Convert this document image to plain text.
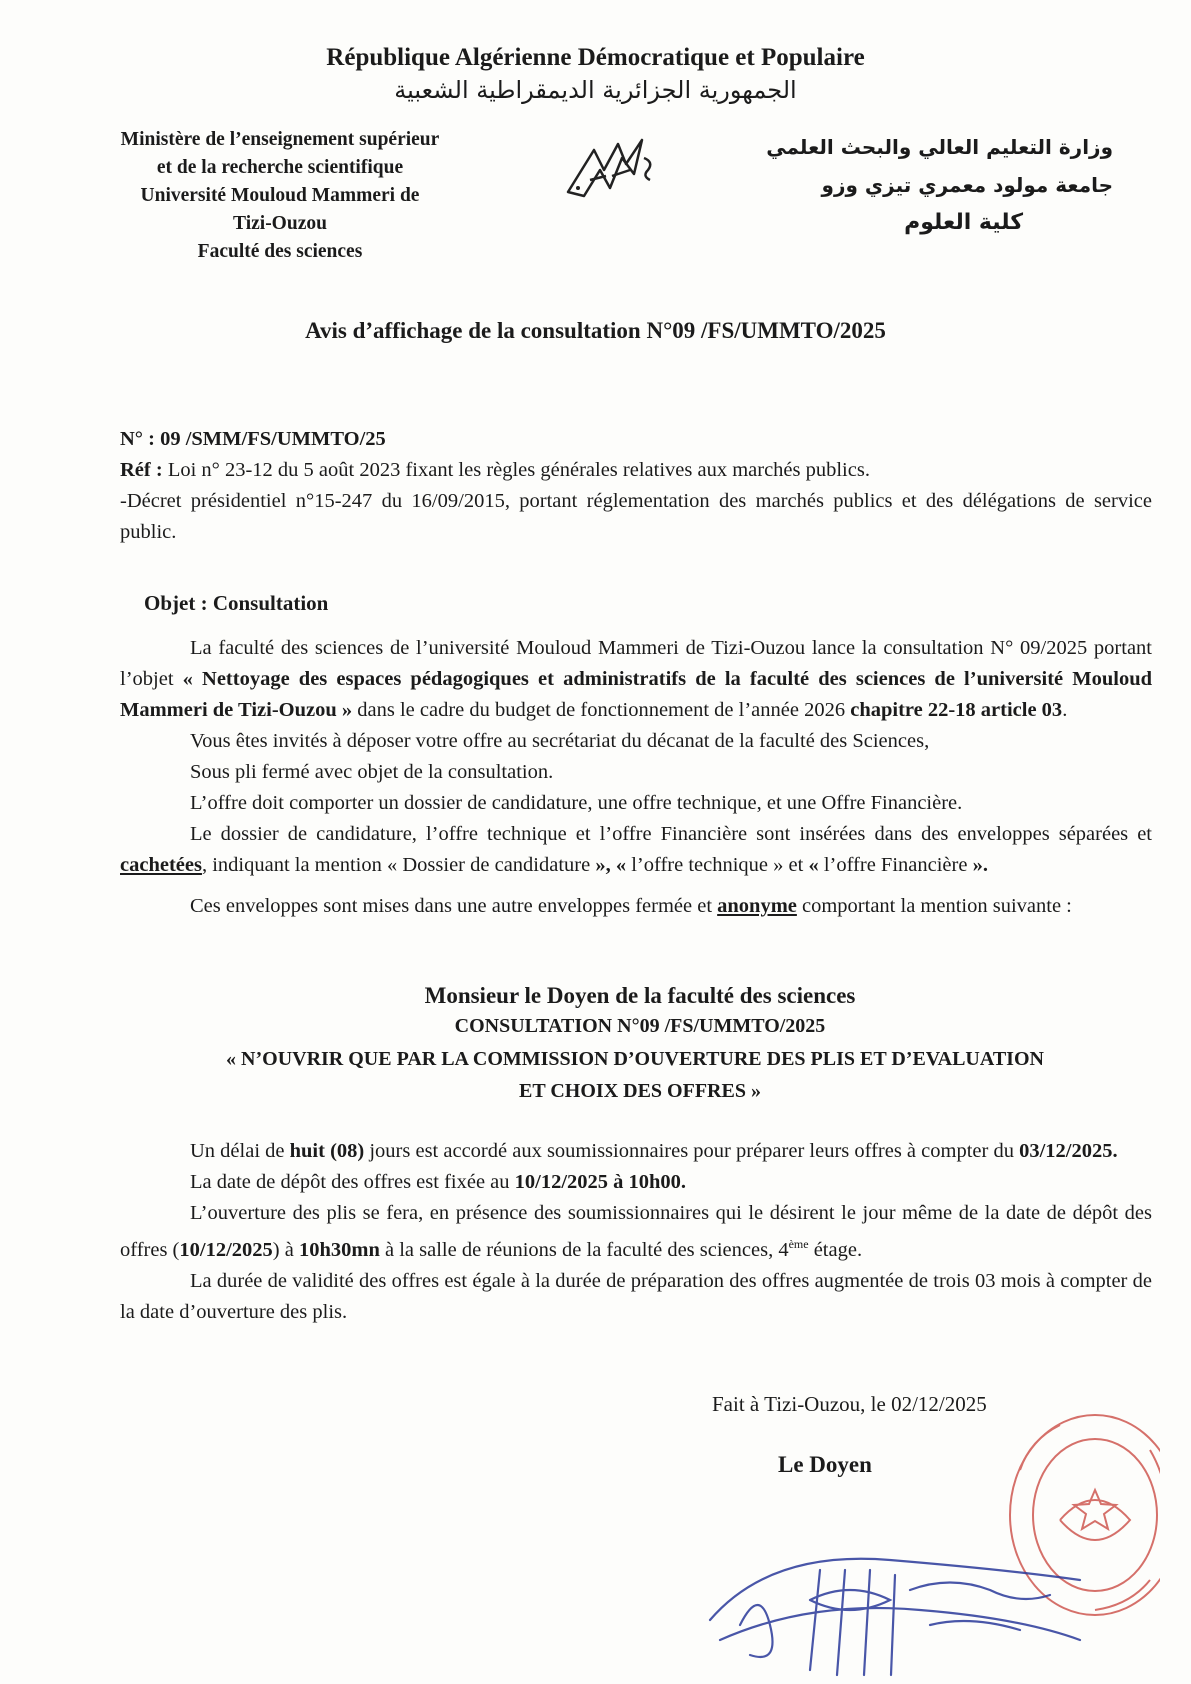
République Algérienne Démocratique et Populaire
الجمهورية الجزائرية الديمقراطية الشعبية
Ministère de l’enseignement supérieur
et de la recherche scientifique
Université Mouloud Mammeri de
Tizi-Ouzou
Faculté des sciences
وزارة التعليم العالي والبحث العلمي
جامعة مولود معمري تيزي وزو
كلية العلوم
Avis d’affichage de la consultation N°09 /FS/UMMTO/2025

N° : 09 /SMM/FS/UMMTO/25

Réf : Loi n° 23-12 du 5 août 2023 fixant les règles générales relatives aux marchés publics.

-Décret présidentiel n°15-247 du 16/09/2015, portant réglementation des marchés publics et des délégations de service public.

Objet : Consultation

La faculté des sciences de l’université Mouloud Mammeri de Tizi-Ouzou lance la consultation N° 09/2025 portant l’objet « Nettoyage des espaces pédagogiques et administratifs de la faculté des sciences de l’université Mouloud Mammeri de Tizi-Ouzou » dans le cadre du budget de fonctionnement de l’année 2026 chapitre 22-18 article 03.

Vous êtes invités à déposer votre offre au secrétariat du décanat de la faculté des Sciences,

Sous pli fermé avec objet de la consultation.

L’offre doit comporter un dossier de candidature, une offre technique, et une Offre Financière.

Le dossier de candidature, l’offre technique et l’offre Financière sont insérées dans des enveloppes séparées et cachetées, indiquant la mention « Dossier de candidature », « l’offre technique » et « l’offre Financière ».

Ces enveloppes sont mises dans une autre enveloppes fermée et anonyme comportant la mention suivante :

Monsieur le Doyen de la faculté des sciences
CONSULTATION N°09 /FS/UMMTO/2025
« N’OUVRIR QUE PAR LA COMMISSION D’OUVERTURE DES PLIS ET D’EVALUATION
ET CHOIX DES OFFRES »

Un délai de huit (08) jours est accordé aux soumissionnaires pour préparer leurs offres à compter du 03/12/2025.

La date de dépôt des offres est fixée au 10/12/2025 à 10h00.

L’ouverture des plis se fera, en présence des soumissionnaires qui le désirent le jour même de la date de dépôt des offres (10/12/2025) à 10h30mn à la salle de réunions de la faculté des sciences, 4ème étage.

La durée de validité des offres est égale à la durée de préparation des offres augmentée de trois 03 mois à compter de la date d’ouverture des plis.

Fait à Tizi-Ouzou, le 02/12/2025
Le Doyen
